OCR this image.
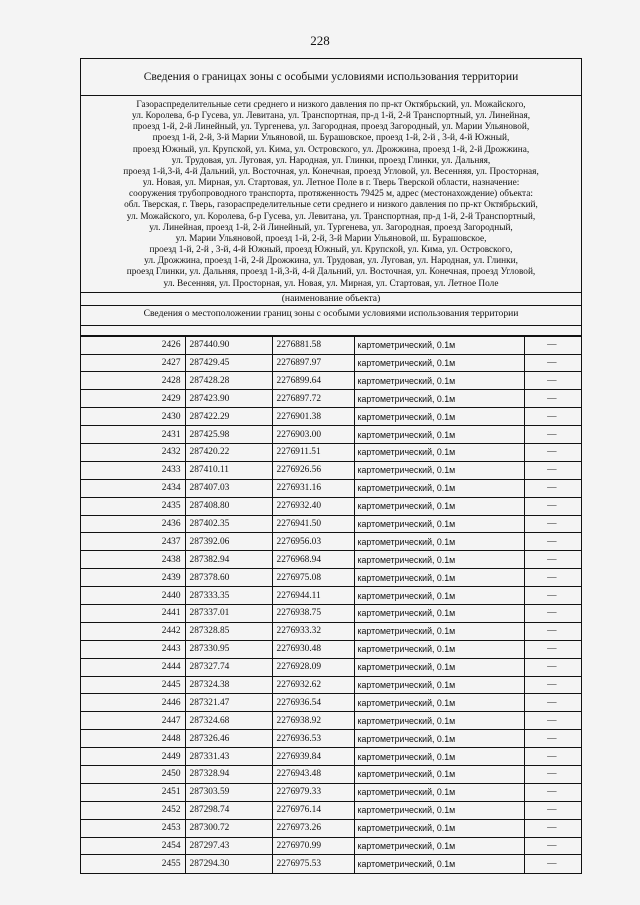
228
Сведения о границах зоны с особыми условиями использования территории
Газораспределительные сети среднего и низкого давления по пр-кт Октябрьский, ул. Можайского,
ул. Королева, б-р Гусева, ул. Левитана, ул. Транспортная, пр-д 1-й, 2-й Транспортный, ул. Линейная,
проезд 1-й, 2-й Линейный, ул. Тургенева, ул. Загородная, проезд Загородный, ул. Марии Ульяновой,
проезд 1-й, 2-й, 3-й Марии Ульяновой, ш. Бурашовское, проезд 1-й, 2-й , 3-й, 4-й Южный,
проезд Южный, ул. Крупской, ул. Кима, ул. Островского, ул. Дрожжина, проезд 1-й, 2-й Дрожжина,
ул. Трудовая, ул. Луговая, ул. Народная, ул. Глинки, проезд Глинки, ул. Дальняя,
проезд 1-й,3-й, 4-й Дальний, ул. Восточная, ул. Конечная, проезд Угловой, ул. Весенняя, ул. Просторная,
ул. Новая, ул. Мирная, ул. Стартовая, ул. Летное Поле в г. Тверь Тверской области, назначение:
сооружения трубопроводного транспорта, протяженность 79425 м, адрес (местонахождение) объекта:
обл. Тверская, г. Тверь, газораспределительные сети среднего и низкого давления по пр-кт Октябрьский,
ул. Можайского, ул. Королева, б-р Гусева, ул. Левитана, ул. Транспортная, пр-д 1-й, 2-й Транспортный,
ул. Линейная, проезд 1-й, 2-й Линейный, ул. Тургенева, ул. Загородная, проезд Загородный,
ул. Марии Ульяновой, проезд 1-й, 2-й, 3-й Марии Ульяновой, ш. Бурашовское,
проезд 1-й, 2-й , 3-й, 4-й Южный, проезд Южный, ул. Крупской, ул. Кима, ул. Островского,
ул. Дрожжина, проезд 1-й, 2-й Дрожжина, ул. Трудовая, ул. Луговая, ул. Народная, ул. Глинки,
проезд Глинки, ул. Дальняя, проезд 1-й,3-й, 4-й Дальний, ул. Восточная, ул. Конечная, проезд Угловой,
ул. Весенняя, ул. Просторная, ул. Новая, ул. Мирная, ул. Стартовая, ул. Летное Поле
(наименование объекта)
Сведения о местоположении границ зоны с особыми условиями использования территории
2426	287440.90	2276881.58	картометрический, 0.1м	—
2427	287429.45	2276897.97	картометрический, 0.1м	—
2428	287428.28	2276899.64	картометрический, 0.1м	—
2429	287423.90	2276897.72	картометрический, 0.1м	—
2430	287422.29	2276901.38	картометрический, 0.1м	—
2431	287425.98	2276903.00	картометрический, 0.1м	—
2432	287420.22	2276911.51	картометрический, 0.1м	—
2433	287410.11	2276926.56	картометрический, 0.1м	—
2434	287407.03	2276931.16	картометрический, 0.1м	—
2435	287408.80	2276932.40	картометрический, 0.1м	—
2436	287402.35	2276941.50	картометрический, 0.1м	—
2437	287392.06	2276956.03	картометрический, 0.1м	—
2438	287382.94	2276968.94	картометрический, 0.1м	—
2439	287378.60	2276975.08	картометрический, 0.1м	—
2440	287333.35	2276944.11	картометрический, 0.1м	—
2441	287337.01	2276938.75	картометрический, 0.1м	—
2442	287328.85	2276933.32	картометрический, 0.1м	—
2443	287330.95	2276930.48	картометрический, 0.1м	—
2444	287327.74	2276928.09	картометрический, 0.1м	—
2445	287324.38	2276932.62	картометрический, 0.1м	—
2446	287321.47	2276936.54	картометрический, 0.1м	—
2447	287324.68	2276938.92	картометрический, 0.1м	—
2448	287326.46	2276936.53	картометрический, 0.1м	—
2449	287331.43	2276939.84	картометрический, 0.1м	—
2450	287328.94	2276943.48	картометрический, 0.1м	—
2451	287303.59	2276979.33	картометрический, 0.1м	—
2452	287298.74	2276976.14	картометрический, 0.1м	—
2453	287300.72	2276973.26	картометрический, 0.1м	—
2454	287297.43	2276970.99	картометрический, 0.1м	—
2455	287294.30	2276975.53	картометрический, 0.1м	—
